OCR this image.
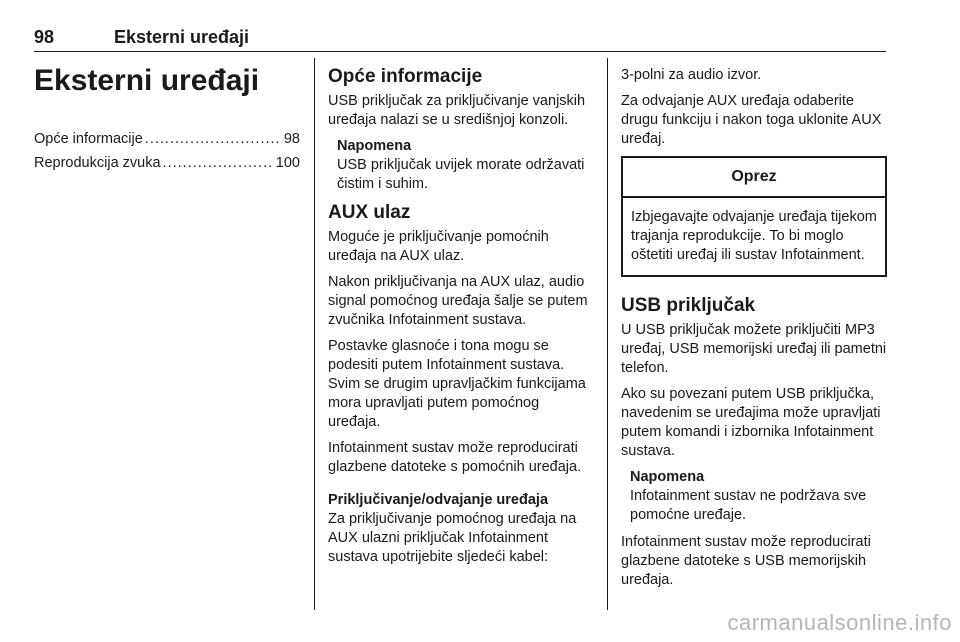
98	Eksterni uređaji
Eksterni uređaji
Opće informacije .....	98
Reprodukcija zvuka .....	100
Opće informacije

USB priključak za priključivanje vanjskih uređaja nalazi se u središnjoj konzoli.

Napomena
USB priključak uvijek morate održavati čistim i suhim.
AUX ulaz

Moguće je priključivanje pomoćnih uređaja na AUX ulaz.

Nakon priključivanja na AUX ulaz, audio signal pomoćnog uređaja šalje se putem zvučnika Infotainment sustava.

Postavke glasnoće i tona mogu se podesiti putem Infotainment sustava. Svim se drugim upravljačkim funkcijama mora upravljati putem pomoćnog uređaja.

Infotainment sustav može reproducirati glazbene datoteke s pomoćnih uređaja.

Priključivanje/odvajanje uređaja

Za priključivanje pomoćnog uređaja na AUX ulazni priključak Infotainment sustava upotrijebite sljedeći kabel:

3-polni za audio izvor.

Za odvajanje AUX uređaja odaberite drugu funkciju i nakon toga uklonite AUX uređaj.

Oprez
Izbjegavajte odvajanje uređaja tijekom trajanja reprodukcije. To bi moglo oštetiti uređaj ili sustav Infotainment.
USB priključak

U USB priključak možete priključiti MP3 uređaj, USB memorijski uređaj ili pametni telefon.

Ako su povezani putem USB priključka, navedenim se uređajima može upravljati putem komandi i izbornika Infotainment sustava.

Napomena
Infotainment sustav ne podržava sve pomoćne uređaje.

Infotainment sustav može reproducirati glazbene datoteke s USB memorijskih uređaja.

carmanualsonline.info
